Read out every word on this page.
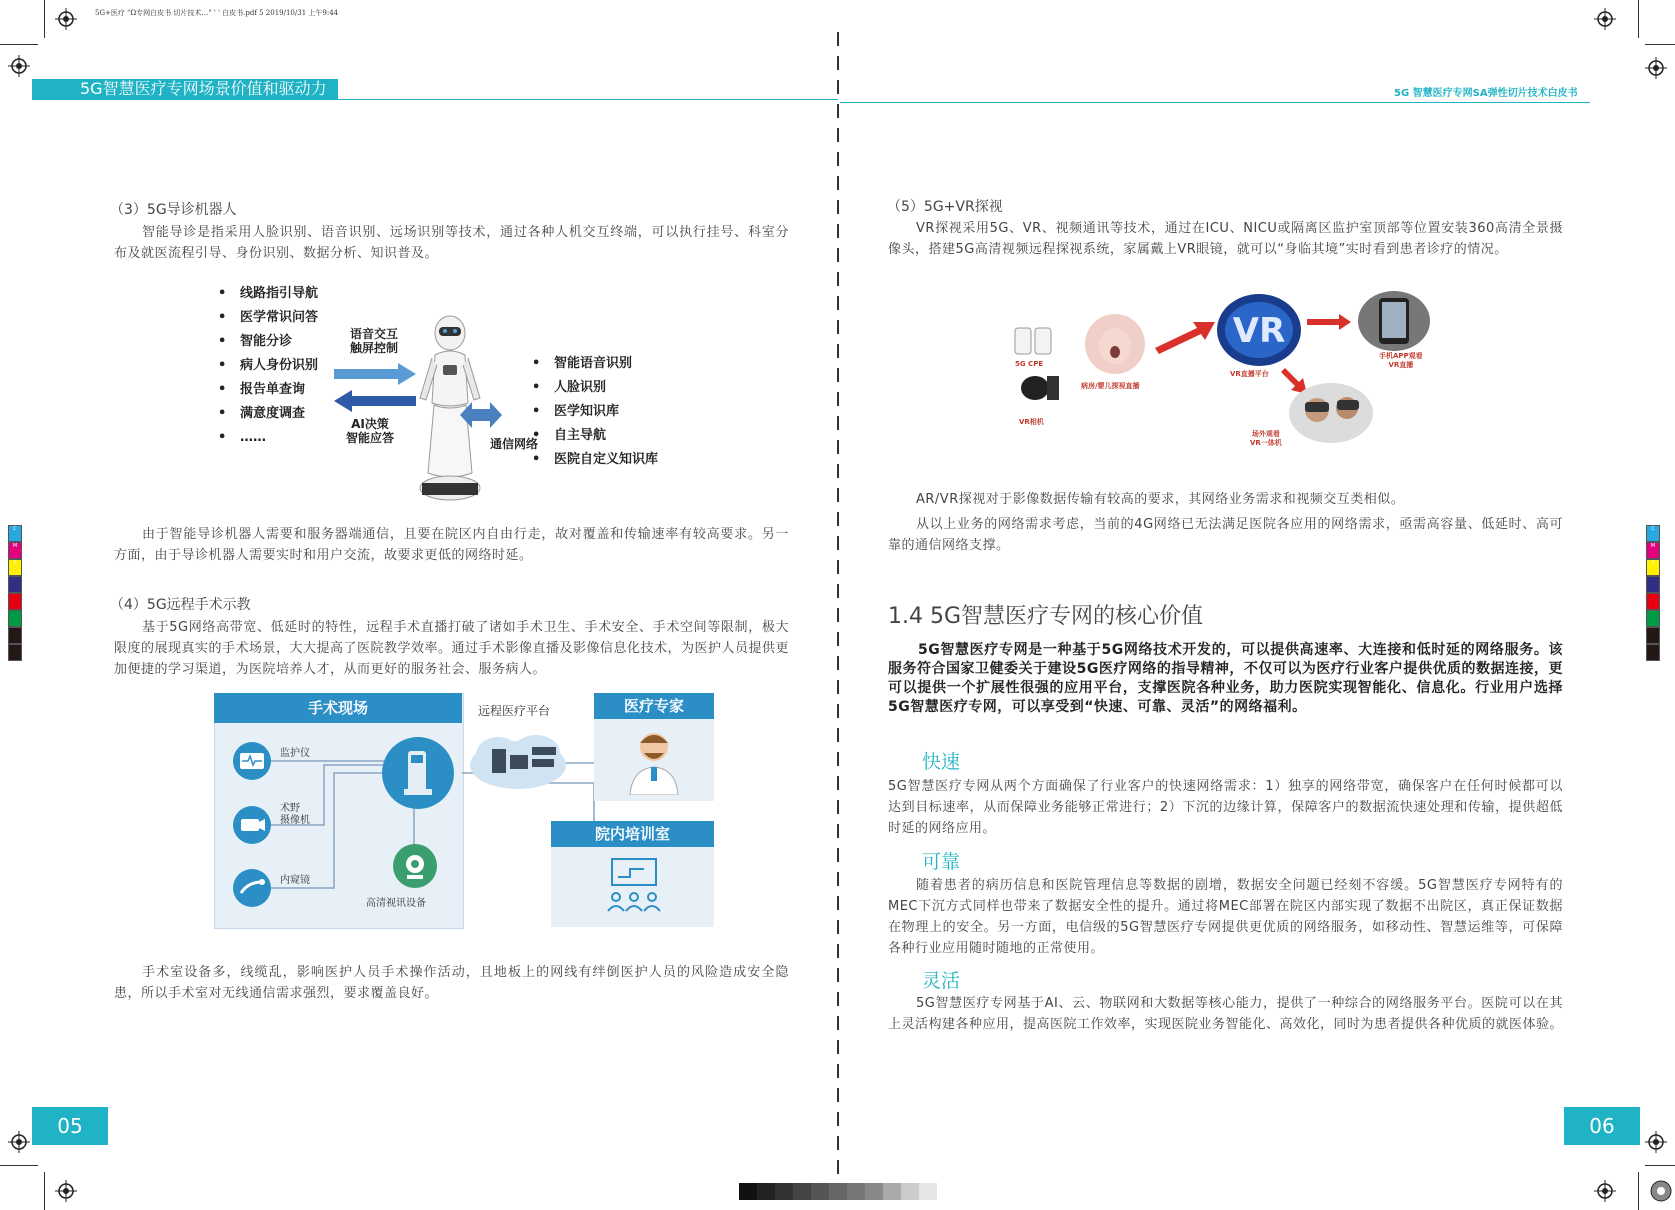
5G+医疗 "Ω专网白皮书 切片技术…" ' ' 白皮书.pdf 5 2019/10/31 上午9:44
C
M
Y
C
M
Y
5G智慧医疗专网场景价值和驱动力	5G 智慧医疗专网SA弹性切片技术白皮书
（3）5G导诊机器人
智能导诊是指采用人脸识别、语音识别、远场识别等技术，通过各种人机交互终端，可以执行挂号、科室分布及就医流程引导、身份识别、数据分析、知识普及。
• 线路指引导航
• 医学常识问答
• 智能分诊
• 病人身份识别
• 报告单查询
• 满意度调查
• ……
语音交互
触屏控制
AI决策
智能应答	通信网络
• 智能语音识别
• 人脸识别
• 医学知识库
• 自主导航
• 医院自定义知识库
由于智能导诊机器人需要和服务器端通信，且要在院区内自由行走，故对覆盖和传输速率有较高要求。另一方面，由于导诊机器人需要实时和用户交流，故要求更低的网络时延。
（4）5G远程手术示教
基于5G网络高带宽、低延时的特性，远程手术直播打破了诸如手术卫生、手术安全、手术空间等限制，极大限度的展现真实的手术场景，大大提高了医院教学效率。通过手术影像直播及影像信息化技术，为医护人员提供更加便捷的学习渠道，为医院培养人才，从而更好的服务社会、服务病人。
手术现场
监护仪
术野
摄像机
内窥镜
高清视讯设备
远程医疗平台	医疗专家
院内培训室
手术室设备多，线缆乱，影响医护人员手术操作活动，且地板上的网线有绊倒医护人员的风险造成安全隐患，所以手术室对无线通信需求强烈，要求覆盖良好。
05
（5）5G+VR探视
VR探视采用5G、VR、视频通讯等技术，通过在ICU、NICU或隔离区监护室顶部等位置安装360高清全景摄像头，搭建5G高清视频远程探视系统，家属戴上VR眼镜，就可以“身临其境”实时看到患者诊疗的情况。
5G CPE
VR相机
病房/婴儿探视直播
VR
VR直播平台
手机APP观看
VR直播
场外观看
VR一体机
AR/VR探视对于影像数据传输有较高的要求，其网络业务需求和视频交互类相似。
从以上业务的网络需求考虑，当前的4G网络已无法满足医院各应用的网络需求，亟需高容量、低延时、高可靠的通信网络支撑。
1.4 5G智慧医疗专网的核心价值
5G智慧医疗专网是一种基于5G网络技术开发的，可以提供高速率、大连接和低时延的网络服务。该服务符合国家卫健委关于建设5G医疗网络的指导精神，不仅可以为医疗行业客户提供优质的数据连接，更可以提供一个扩展性很强的应用平台，支撑医院各种业务，助力医院实现智能化、信息化。行业用户选择5G智慧医疗专网，可以享受到“快速、可靠、灵活”的网络福利。
快速
5G智慧医疗专网从两个方面确保了行业客户的快速网络需求：1）独享的网络带宽，确保客户在任何时候都可以达到目标速率，从而保障业务能够正常进行；2）下沉的边缘计算，保障客户的数据流快速处理和传输，提供超低时延的网络应用。
可靠
随着患者的病历信息和医院管理信息等数据的剧增，数据安全问题已经刻不容缓。5G智慧医疗专网特有的MEC下沉方式同样也带来了数据安全性的提升。通过将MEC部署在院区内部实现了数据不出院区，真正保证数据在物理上的安全。另一方面，电信级的5G智慧医疗专网提供更优质的网络服务，如移动性、智慧运维等，可保障各种行业应用随时随地的正常使用。
灵活
5G智慧医疗专网基于AI、云、物联网和大数据等核心能力，提供了一种综合的网络服务平台。医院可以在其上灵活构建各种应用，提高医院工作效率，实现医院业务智能化、高效化，同时为患者提供各种优质的就医体验。
06
